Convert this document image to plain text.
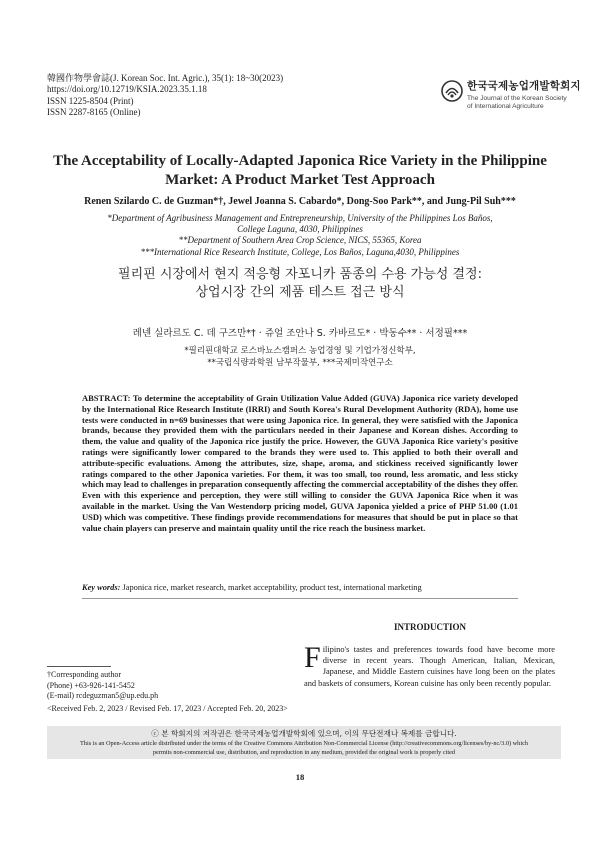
韓國作物學會誌(J. Korean Soc. Int. Agric.), 35(1): 18~30(2023)
https://doi.org/10.12719/KSIA.2023.35.1.18
ISSN 1225-8504 (Print)
ISSN 2287-8165 (Online)
한국국제농업개발학회지
The Journal of the Korean Society
of International Agriculture
The Acceptability of Locally-Adapted Japonica Rice Variety in the Philippine
Market: A Product Market Test Approach
Renen Szilardo C. de Guzman*†, Jewel Joanna S. Cabardo*, Dong-Soo Park**, and Jung-Pil Suh***
*Department of Agribusiness Management and Entrepreneurship, University of the Philippines Los Baños,
College Laguna, 4030, Philippines
**Department of Southern Area Crop Science, NICS, 55365, Korea
***International Rice Research Institute, College, Los Baños, Laguna,4030, Philippines
필리핀 시장에서 현지 적응형 자포니카 품종의 수용 가능성 결정:
상업시장 간의 제품 테스트 접근 방식
레넨 실라르도 C. 데 구즈만*† · 쥬얼 조안나 S. 카바르도* · 박동수** · 서정필***
*필리핀대학교 로스바뇨스캠퍼스 농업경영 및 기업가정신학부,
**국립식량과학원 남부작물부, ***국제미작연구소
ABSTRACT: To determine the acceptability of Grain Utilization Value Added (GUVA) Japonica rice variety developed by the International Rice Research Institute (IRRI) and South Korea's Rural Development Authority (RDA), home use tests were conducted in n=69 businesses that were using Japonica rice. In general, they were satisfied with the Japonica brands, because they provided them with the particulars needed in their Japanese and Korean dishes. According to them, the value and quality of the Japonica rice justify the price. However, the GUVA Japonica Rice variety's positive ratings were significantly lower compared to the brands they were used to. This applied to both their overall and attribute-specific evaluations. Among the attributes, size, shape, aroma, and stickiness received significantly lower ratings compared to the other Japonica varieties. For them, it was too small, too round, less aromatic, and less sticky which may lead to challenges in preparation consequently affecting the commercial acceptability of the dishes they offer. Even with this experience and perception, they were still willing to consider the GUVA Japonica Rice when it was available in the market. Using the Van Westendorp pricing model, GUVA Japonica yielded a price of PHP 51.00 (1.01 USD) which was competitive. These findings provide recommendations for measures that should be put in place so that value chain players can preserve and maintain quality until the rice reach the business market.
Key words: Japonica rice, market research, market acceptability, product test, international marketing
INTRODUCTION
Filipino's tastes and preferences towards food have become more diverse in recent years. Though American, Italian, Mexican, Japanese, and Middle Eastern cuisines have long been on the plates and baskets of consumers, Korean cuisine has only been recently popular.
†Corresponding author
(Phone) +63-926-141-5452
(E-mail) rcdeguzman5@up.edu.ph
<Received Feb. 2, 2023 / Revised Feb. 17, 2023 / Accepted Feb. 20, 2023>
ⓒ 본 학회지의 저작권은 한국국제농업개발학회에 있으며, 이의 무단전재나 복제를 금합니다.
This is an Open-Access article distributed under the terms of the Creative Commons Attribution Non-Commercial License (http://creativecommons.org/licenses/by-nc/3.0) which
permits non-commercial use, distribution, and reproduction in any medium, provided the original work is properly cited
18
